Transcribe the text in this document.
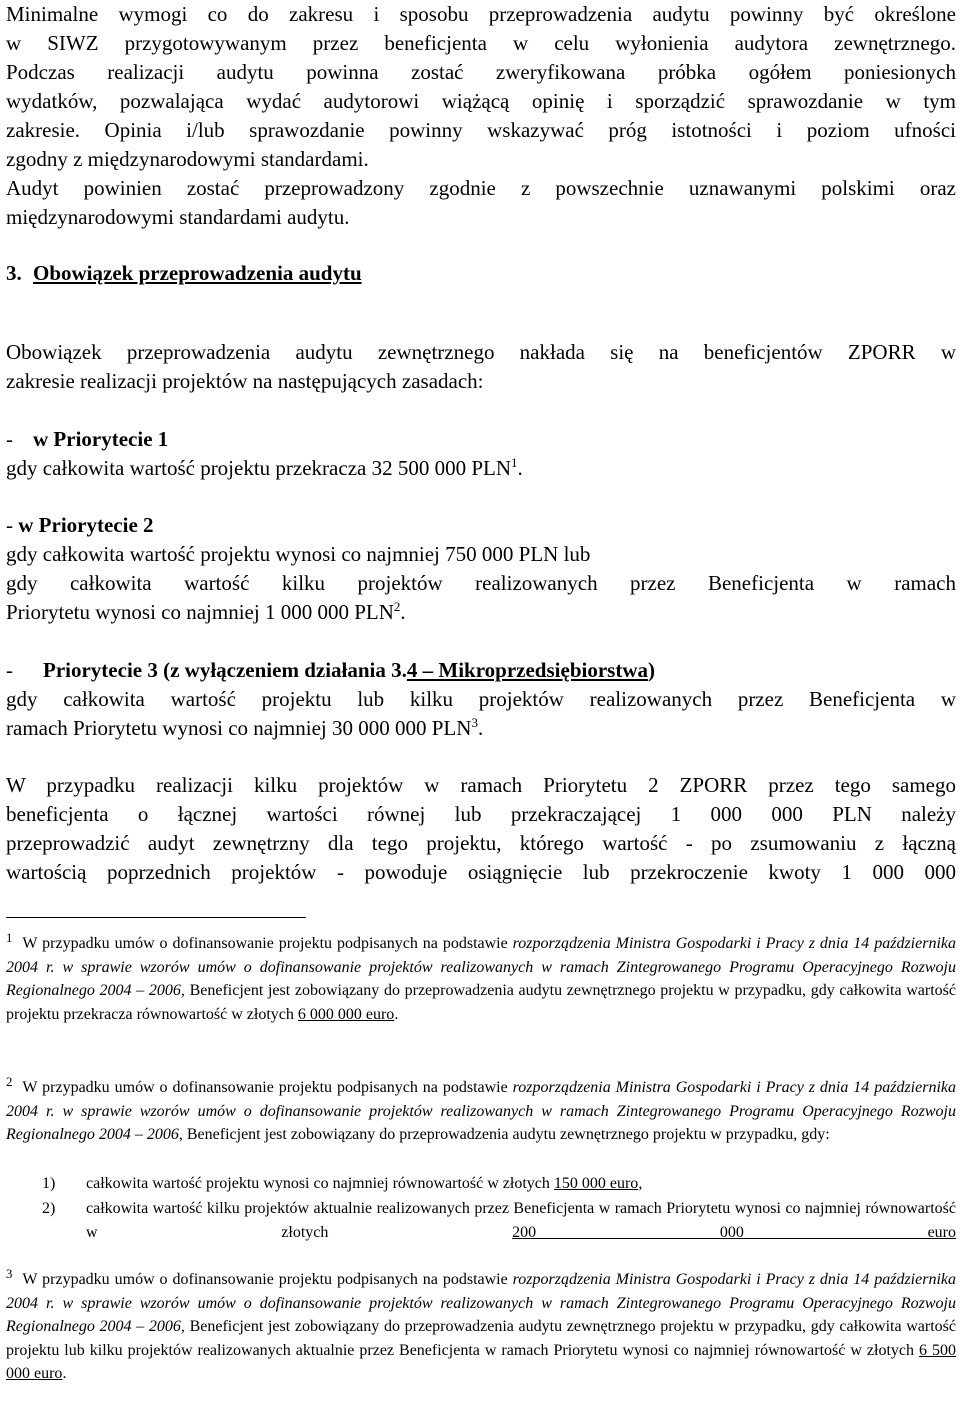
Minimalne wymogi co do zakresu i sposobu przeprowadzenia audytu powinny być określone

w SIWZ przygotowywanym przez beneficjenta w celu wyłonienia audytora zewnętrznego.

Podczas realizacji audytu powinna zostać zweryfikowana próbka ogółem poniesionych

wydatków, pozwalająca wydać audytorowi wiążącą opinię i sporządzić sprawozdanie w tym

zakresie. Opinia i/lub sprawozdanie powinny wskazywać próg istotności i poziom ufności

zgodny z międzynarodowymi standardami.

Audyt powinien zostać przeprowadzony zgodnie z powszechnie uznawanymi polskimi oraz

międzynarodowymi standardami audytu.

3. Obowiązek przeprowadzenia audytu

Obowiązek przeprowadzenia audytu zewnętrznego nakłada się na beneficjentów ZPORR w

zakresie realizacji projektów na następujących zasadach:

- w Priorytecie 1

gdy całkowita wartość projektu przekracza 32 500 000 PLN$^1$.

- w Priorytecie 2

gdy całkowita wartość projektu wynosi co najmniej 750 000 PLN lub

gdy całkowita wartość kilku projektów realizowanych przez Beneficjenta w ramach

Priorytetu wynosi co najmniej 1 000 000 PLN$^2$.

- Priorytecie 3 (z wyłączeniem działania 3.4 – Mikroprzedsiębiorstwa)

gdy całkowita wartość projektu lub kilku projektów realizowanych przez Beneficjenta w

ramach Priorytetu wynosi co najmniej 30 000 000 PLN$^3$.

W przypadku realizacji kilku projektów w ramach Priorytetu 2 ZPORR przez tego samego

beneficjenta o łącznej wartości równej lub przekraczającej 1 000 000 PLN należy

przeprowadzić audyt zewnętrzny dla tego projektu, którego wartość - po zsumowaniu z łączną

wartością poprzednich projektów - powoduje osiągnięcie lub przekroczenie kwoty 1 000 000

$^1$ W przypadku umów o dofinansowanie projektu podpisanych na podstawie rozporządzenia Ministra Gospodarki i Pracy z dnia 14 października 2004 r. w sprawie wzorów umów o dofinansowanie projektów realizowanych w ramach Zintegrowanego Programu Operacyjnego Rozwoju Regionalnego 2004 – 2006, Beneficjent jest zobowiązany do przeprowadzenia audytu zewnętrznego projektu w przypadku, gdy całkowita wartość projektu przekracza równowartość w złotych 6 000 000 euro.

$^2$ W przypadku umów o dofinansowanie projektu podpisanych na podstawie rozporządzenia Ministra Gospodarki i Pracy z dnia 14 października 2004 r. w sprawie wzorów umów o dofinansowanie projektów realizowanych w ramach Zintegrowanego Programu Operacyjnego Rozwoju Regionalnego 2004 – 2006, Beneficjent jest zobowiązany do przeprowadzenia audytu zewnętrznego projektu w przypadku, gdy:

1) całkowita wartość projektu wynosi co najmniej równowartość w złotych 150 000 euro,

2) całkowita wartość kilku projektów aktualnie realizowanych przez Beneficjenta w ramach Priorytetu wynosi co najmniej równowartość w złotych	200 000 euro

$^3$ W przypadku umów o dofinansowanie projektu podpisanych na podstawie rozporządzenia Ministra Gospodarki i Pracy z dnia 14 października 2004 r. w sprawie wzorów umów o dofinansowanie projektów realizowanych w ramach Zintegrowanego Programu Operacyjnego Rozwoju Regionalnego 2004 – 2006, Beneficjent jest zobowiązany do przeprowadzenia audytu zewnętrznego projektu w przypadku, gdy całkowita wartość projektu lub kilku projektów realizowanych aktualnie przez Beneficjenta w ramach Priorytetu wynosi co najmniej równowartość w złotych 6 500 000 euro.
